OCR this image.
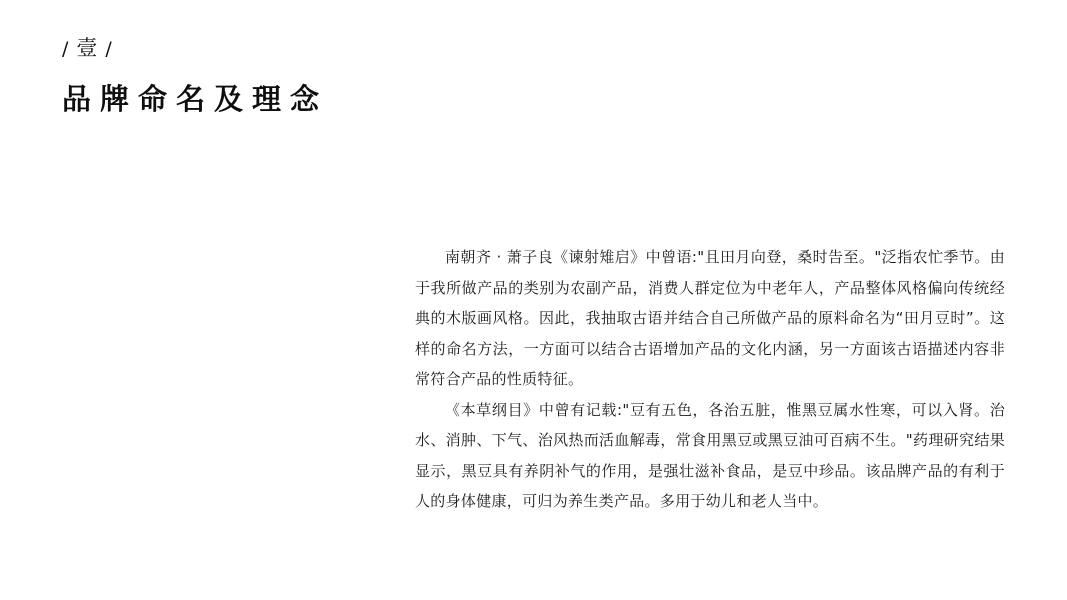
/ 壹 /
品牌命名及理念

南朝齐 · 萧子良《谏射雉启》中曾语:"且田月向登，桑时告至。"泛指农忙季节。由于我所做产品的类别为农副产品，消费人群定位为中老年人，产品整体风格偏向传统经典的木版画风格。因此，我抽取古语并结合自己所做产品的原料命名为“田月豆时”。这样的命名方法，一方面可以结合古语增加产品的文化内涵，另一方面该古语描述内容非常符合产品的性质特征。

《本草纲目》中曾有记载:"豆有五色，各治五脏，惟黑豆属水性寒，可以入肾。治水、消肿、下气、治风热而活血解毒，常食用黑豆或黑豆油可百病不生。"药理研究结果显示，黑豆具有养阴补气的作用，是强壮滋补食品，是豆中珍品。该品牌产品的有利于人的身体健康，可归为养生类产品。多用于幼儿和老人当中。
